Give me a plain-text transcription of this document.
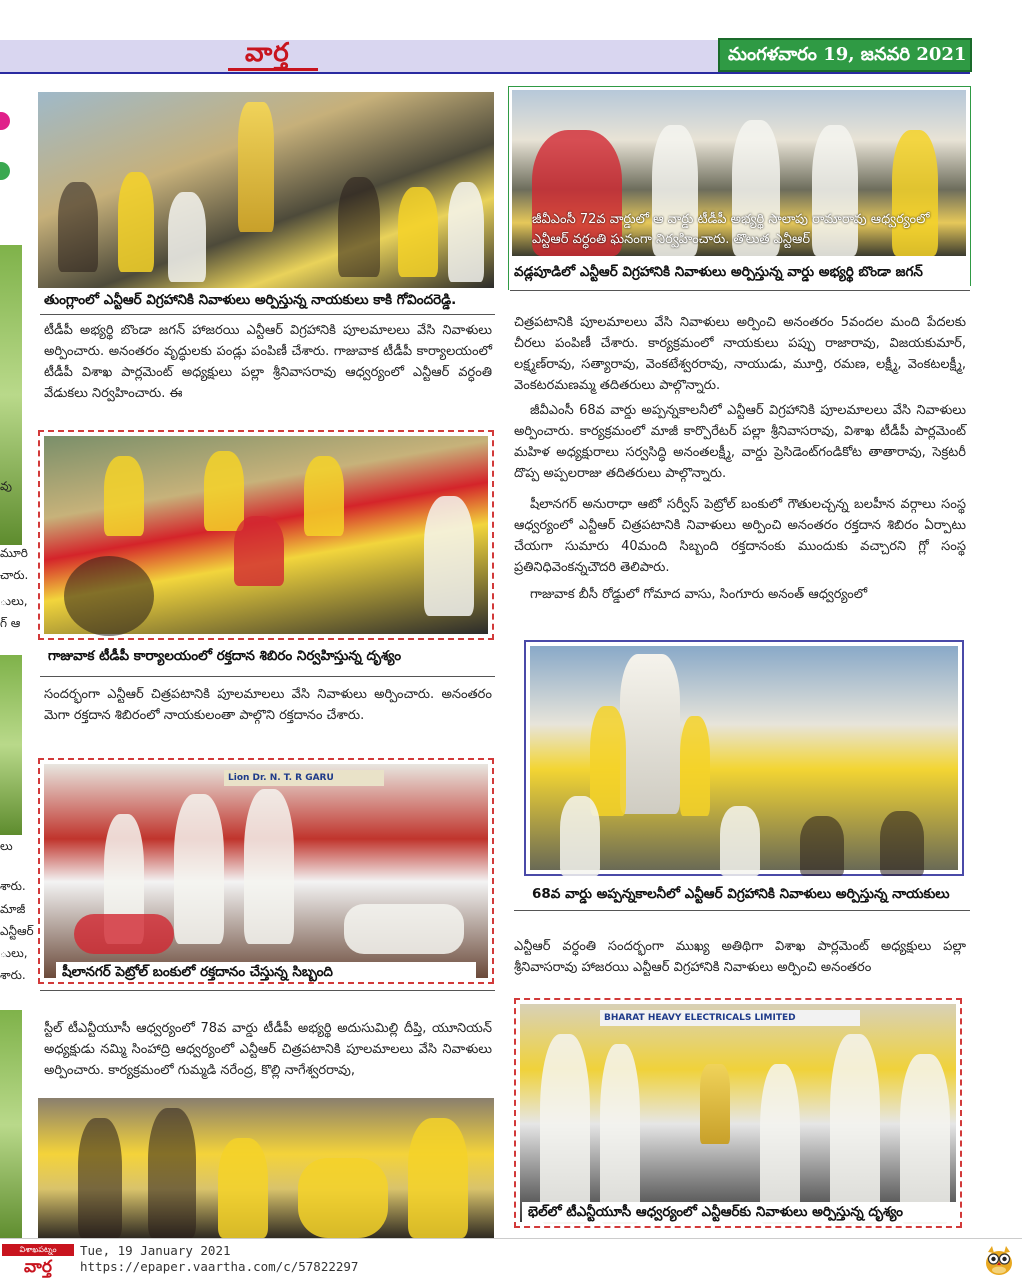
వార్త	మంగళవారం 19, జనవరి 2021
వు
మూరి
చారు.
ులు,
గ్ ఆ
లు
శారు.
మాజీ
ఎన్టీఆర్
ులు,
శారు.
తుంగ్లాంలో ఎన్టీఆర్ విగ్రహానికి నివాళులు అర్పిస్తున్న నాయకులు కాకి గోవిందరెడ్డి.
టీడీపీ అభ్యర్థి బొండా జగన్ హాజరయి ఎన్టీఆర్ విగ్రహానికి పూలమాలలు వేసి నివాళులు అర్పించారు. అనంతరం వృద్ధులకు పండ్లు పంపిణీ చేశారు. గాజువాక టీడీపీ కార్యాలయంలో టీడీపీ విశాఖ పార్లమెంట్ అధ్యక్షులు పల్లా శ్రీనివాసరావు ఆధ్వర్యంలో ఎన్టీఆర్ వర్ధంతి వేడుకలు నిర్వహించారు. ఈ
గాజువాక టీడీపీ కార్యాలయంలో రక్తదాన శిబిరం నిర్వహిస్తున్న దృశ్యం
సందర్భంగా ఎన్టీఆర్ చిత్రపటానికి పూలమాలలు వేసి నివాళులు అర్పించారు. అనంతరం మెగా రక్తదాన శిబిరంలో నాయకులంతా పాల్గొని రక్తదానం చేశారు.
Lion Dr. N. T. R GARU
షీలానగర్ పెట్రోల్ బంకులో రక్తదానం చేస్తున్న సిబ్బంది
స్టీల్ టీఎన్టీయూసీ ఆధ్వర్యంలో 78వ వార్డు టీడీపీ అభ్యర్థి అదుసుమిల్లి దీప్తి, యూనియన్ అధ్యక్షుడు నమ్మి సింహాద్రి ఆధ్వర్యంలో ఎన్టీఆర్ చిత్రపటానికి పూలమాలలు వేసి నివాళులు అర్పించారు. కార్యక్రమంలో గుమ్మడి నరేంద్ర, కొల్లి నాగేశ్వరరావు,
జీవీఎంసీ 72వ వార్డులో ఆ వార్డు టీడీపీ అభ్యర్థి సాలాపు రామారావు ఆధ్వర్యంలో ఎన్టీఆర్ వర్ధంతి ఘనంగా నిర్వహించారు. తొలుత ఎన్టీఆర్
వడ్లపూడిలో ఎన్టీఆర్ విగ్రహానికి నివాళులు అర్పిస్తున్న వార్డు అభ్యర్థి బొండా జగన్
చిత్రపటానికి పూలమాలలు వేసి నివాళులు అర్పించి అనంతరం 5వందల మంది పేదలకు చీరలు పంపిణీ చేశారు. కార్యక్రమంలో నాయకులు పప్పు రాజారావు, విజయకుమార్, లక్ష్మణ్‌రావు, సత్యారావు, వెంకటేశ్వరరావు, నాయుడు, మూర్తి, రమణ, లక్ష్మీ, వెంకటలక్ష్మీ, వెంకటరమణమ్మ తదితరులు పాల్గొన్నారు.
జీవీఎంసీ 68వ వార్డు అప్పన్నకాలనీలో ఎన్టీఆర్ విగ్రహానికి పూలమాలలు వేసి నివాళులు అర్పించారు. కార్యక్రమంలో మాజీ కార్పొరేటర్ పల్లా శ్రీనివాసరావు, విశాఖ టీడీపీ పార్లమెంట్ మహిళ అధ్యక్షురాలు సర్వసిద్ధి అనంతలక్ష్మీ, వార్డు ప్రెసిడెంట్‌గండికోట తాతారావు, సెక్రటరీ దొప్ప అప్పలరాజు తదితరులు పాల్గొన్నారు.
షీలానగర్ అనురాధా ఆటో సర్వీస్ పెట్రోల్ బంకులో గౌతులచ్చన్న బలహీన వర్గాలు సంస్థ ఆధ్వర్యంలో ఎన్టీఆర్ చిత్రపటానికి నివాళులు అర్పించి అనంతరం రక్తదాన శిబిరం ఏర్పాటు చేయగా సుమారు 40మంది సిబ్బంది రక్తదానంకు ముందుకు వచ్చారని గ్లో సంస్థ ప్రతినిధివెంకన్నచౌదరి తెలిపారు.
గాజువాక బీసీ రోడ్డులో గోమాద వాసు, సింగూరు అనంత్ ఆధ్వర్యంలో
68వ వార్డు అప్పన్నకాలనీలో ఎన్టీఆర్ విగ్రహానికి నివాళులు అర్పిస్తున్న నాయకులు
ఎన్టీఆర్ వర్ధంతి సందర్భంగా ముఖ్య అతిథిగా విశాఖ పార్లమెంట్ అధ్యక్షులు పల్లా శ్రీనివాసరావు హాజరయి ఎన్టీఆర్ విగ్రహానికి నివాళులు అర్పించి అనంతరం
BHARAT HEAVY ELECTRICALS LIMITED
భెల్‌లో టీఎన్టీయూసీ ఆధ్వర్యంలో ఎన్టీఆర్‌కు నివాళులు అర్పిస్తున్న దృశ్యం
విశాఖపట్నం
వార్త
Tue, 19 January 2021
https://epaper.vaartha.com/c/57822297
